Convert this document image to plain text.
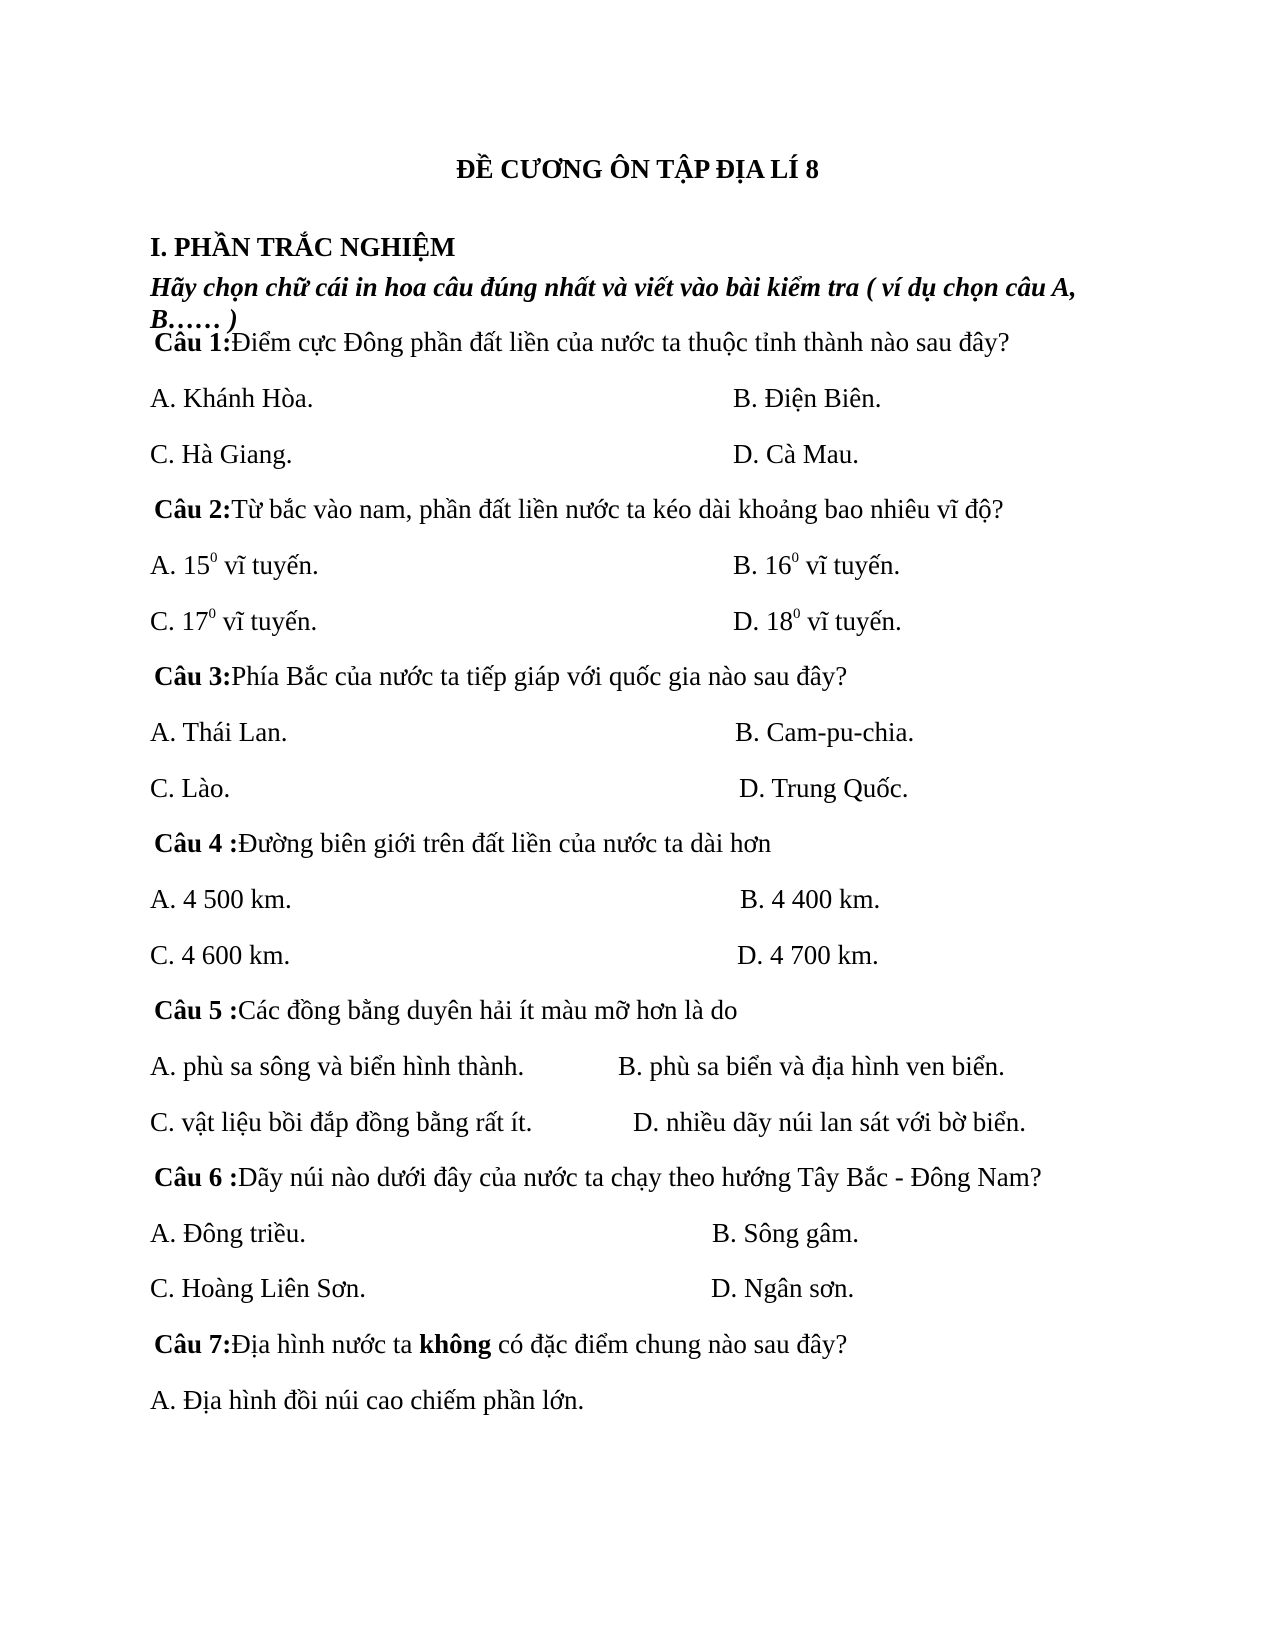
ĐỀ CƯƠNG ÔN TẬP ĐỊA LÍ 8
I. PHẦN TRẮC NGHIỆM
Hãy chọn chữ cái in hoa câu đúng nhất và viết vào bài kiểm tra ( ví dụ chọn câu A, B…… )
Câu 1:Điểm cực Đông phần đất liền của nước ta thuộc tỉnh thành nào sau đây?
A. Khánh Hòa.	B. Điện Biên.
C. Hà Giang.	D. Cà Mau.
Câu 2:Từ bắc vào nam, phần đất liền nước ta kéo dài khoảng bao nhiêu vĩ độ?
A. $15^0$ vĩ tuyến.	B. $16^0$ vĩ tuyến.
C. $17^0$ vĩ tuyến.	D. $18^0$ vĩ tuyến.
Câu 3:Phía Bắc của nước ta tiếp giáp với quốc gia nào sau đây?
A. Thái Lan.	B. Cam-pu-chia.
C. Lào.	D. Trung Quốc.
Câu 4 :Đường biên giới trên đất liền của nước ta dài hơn
A. 4 500 km.	B. 4 400 km.
C. 4 600 km.	D. 4 700 km.
Câu 5 :Các đồng bằng duyên hải ít màu mỡ hơn là do
A. phù sa sông và biển hình thành.	B. phù sa biển và địa hình ven biển.
C. vật liệu bồi đắp đồng bằng rất ít.	D. nhiều dãy núi lan sát với bờ biển.
Câu 6 :Dãy núi nào dưới đây của nước ta chạy theo hướng Tây Bắc - Đông Nam?
A. Đông triều.	B. Sông gâm.
C. Hoàng Liên Sơn.	D. Ngân sơn.
Câu 7:Địa hình nước ta không có đặc điểm chung nào sau đây?
A. Địa hình đồi núi cao chiếm phần lớn.
